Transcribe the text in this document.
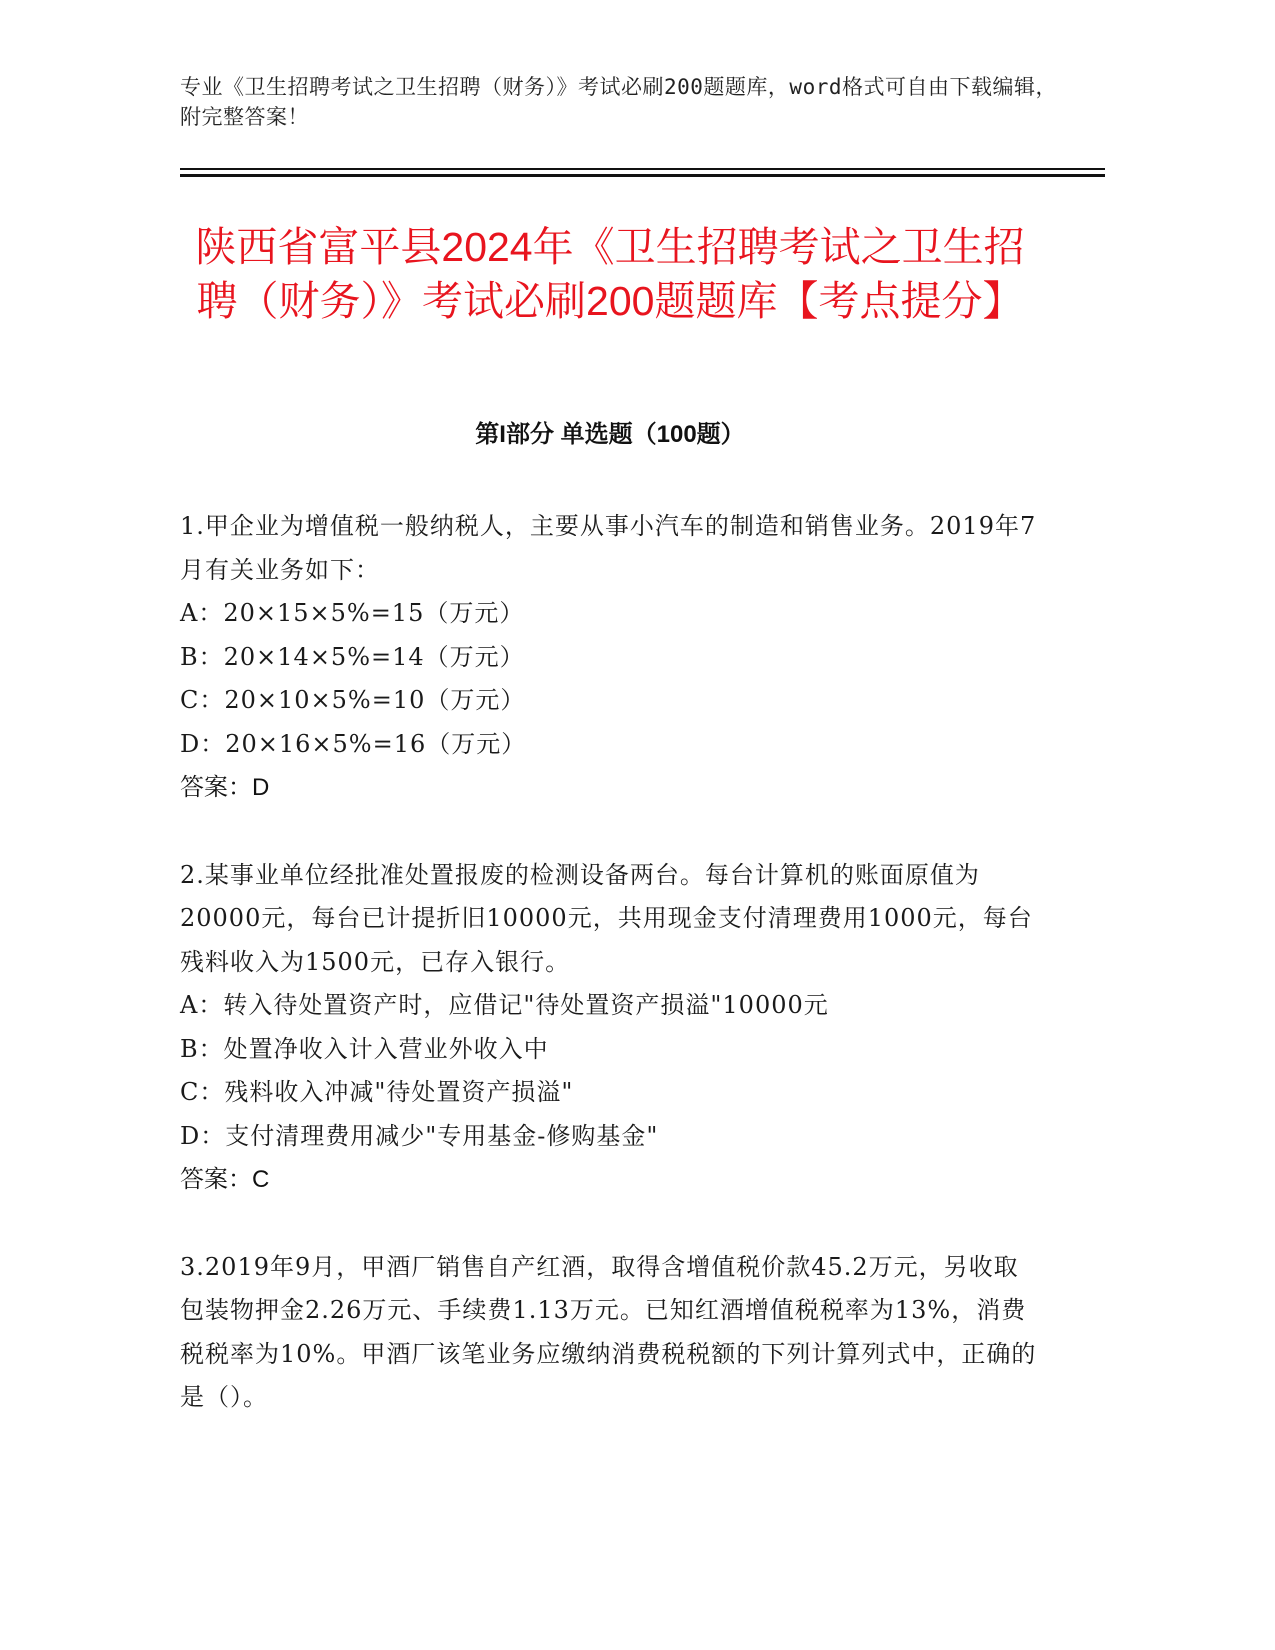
专业《卫生招聘考试之卫生招聘（财务）》考试必刷200题题库，word格式可自由下载编辑，附完整答案！
陕西省富平县2024年《卫生招聘考试之卫生招聘（财务）》考试必刷200题题库【考点提分】
第I部分 单选题（100题）

1.甲企业为增值税一般纳税人，主要从事小汽车的制造和销售业务。2019年7月有关业务如下：

A：20×15×5%=15（万元）

B：20×14×5%=14（万元）

C：20×10×5%=10（万元）

D：20×16×5%=16（万元）

答案：D

2.某事业单位经批准处置报废的检测设备两台。每台计算机的账面原值为20000元，每台已计提折旧10000元，共用现金支付清理费用1000元，每台残料收入为1500元，已存入银行。

A：转入待处置资产时，应借记"待处置资产损溢"10000元

B：处置净收入计入营业外收入中

C：残料收入冲减"待处置资产损溢"

D：支付清理费用减少"专用基金-修购基金"

答案：C

3.2019年9月，甲酒厂销售自产红酒，取得含增值税价款45.2万元，另收取包装物押金2.26万元、手续费1.13万元。已知红酒增值税税率为13%，消费税税率为10%。甲酒厂该笔业务应缴纳消费税税额的下列计算列式中，正确的是（）。
